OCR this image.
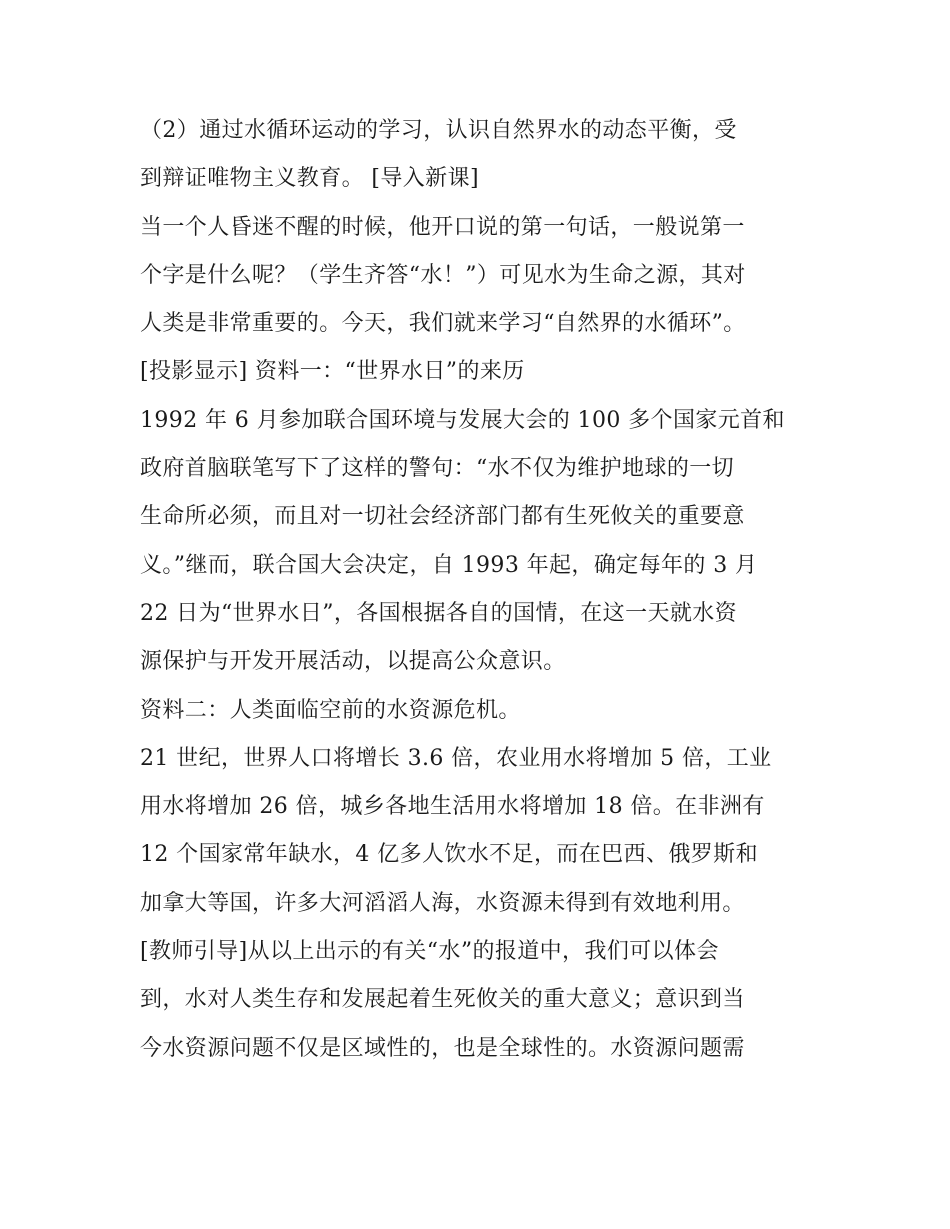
（2）通过水循环运动的学习，认识自然界水的动态平衡，受
到辩证唯物主义教育。 [导入新课]
当一个人昏迷不醒的时候，他开口说的第一句话，一般说第一
个字是什么呢？（学生齐答“水！”）可见水为生命之源，其对
人类是非常重要的。今天，我们就来学习“自然界的水循环”。
[投影显示] 资料一：“世界水日”的来历
1992 年 6 月参加联合国环境与发展大会的 100 多个国家元首和
政府首脑联笔写下了这样的警句：“水不仅为维护地球的一切
生命所必须，而且对一切社会经济部门都有生死攸关的重要意
义。”继而，联合国大会决定，自 1993 年起，确定每年的 3 月
22 日为“世界水日”，各国根据各自的国情，在这一天就水资
源保护与开发开展活动，以提高公众意识。
资料二：人类面临空前的水资源危机。
21 世纪，世界人口将增长 3.6 倍，农业用水将增加 5 倍，工业
用水将增加 26 倍，城乡各地生活用水将增加 18 倍。在非洲有
12 个国家常年缺水，4 亿多人饮水不足，而在巴西、俄罗斯和
加拿大等国，许多大河滔滔人海，水资源未得到有效地利用。
[教师引导]从以上出示的有关“水”的报道中，我们可以体会
到，水对人类生存和发展起着生死攸关的重大意义；意识到当
今水资源问题不仅是区域性的，也是全球性的。水资源问题需
